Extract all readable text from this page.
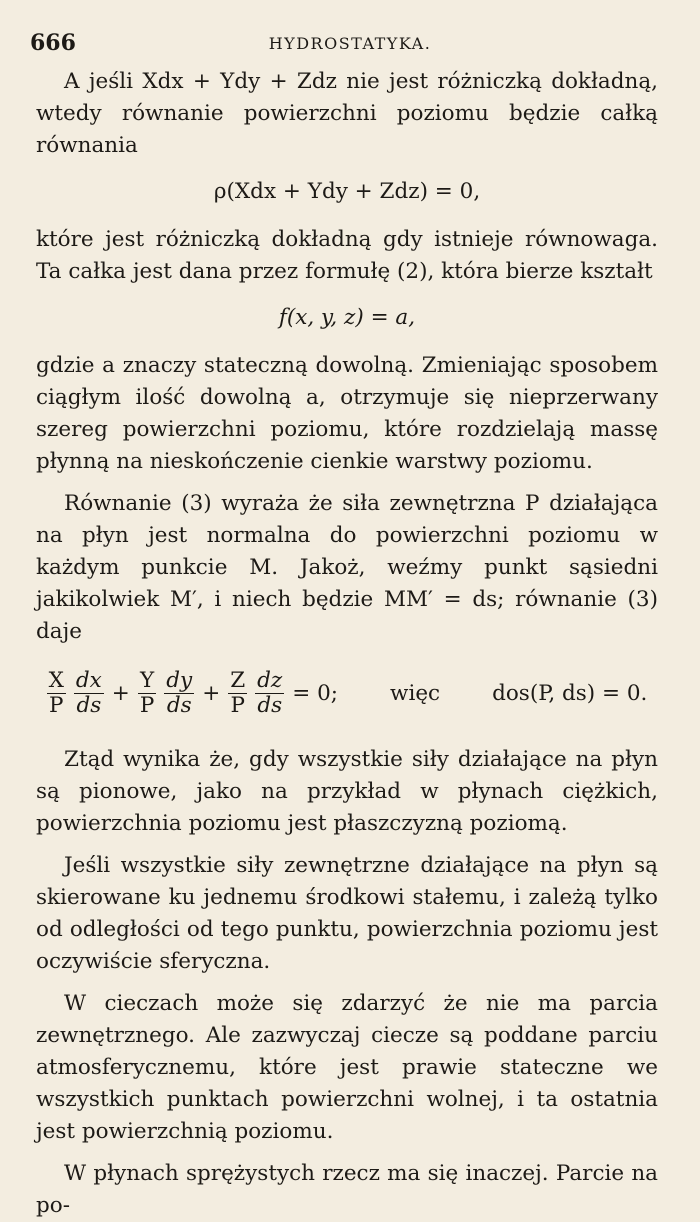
666	HYDROSTATYKA.

A jeśli Xdx + Ydy + Zdz nie jest różniczką dokładną, wtedy równanie powierzchni poziomu będzie całką równania

ρ(Xdx + Ydy + Zdz) = 0,

które jest różniczką dokładną gdy istnieje równowaga. Ta całka jest dana przez formułę (2), która bierze kształt

f(x, y, z) = a,

gdzie a znaczy stateczną dowolną. Zmieniając sposobem ciągłym ilość dowolną a, otrzymuje się nieprzerwany szereg powierzchni poziomu, które rozdzielają massę płynną na nieskończenie cienkie warstwy poziomu.

Równanie (3) wyraża że siła zewnętrzna P działająca na płyn jest normalna do powierzchni poziomu w każdym punkcie M. Jakoż, weźmy punkt sąsiedni jakikolwiek M′, i niech będzie MM′ = ds; równanie (3) daje

$\frac{X}{P} \frac{dx}{ds} + \frac{Y}{P} \frac{dy}{ds} + \frac{Z}{P} \frac{dz}{ds} = 0$; więc dos(P, ds) = 0.

Ztąd wynika że, gdy wszystkie siły działające na płyn są pionowe, jako na przykład w płynach ciężkich, powierzchnia poziomu jest płaszczyzną poziomą.

Jeśli wszystkie siły zewnętrzne działające na płyn są skierowane ku jednemu środkowi stałemu, i zależą tylko od odległości od tego punktu, powierzchnia poziomu jest oczywiście sferyczna.

W cieczach może się zdarzyć że nie ma parcia zewnętrznego. Ale zazwyczaj ciecze są poddane parciu atmosferycznemu, które jest prawie stateczne we wszystkich punktach powierzchni wolnej, i ta ostatnia jest powierzchnią poziomu.

W płynach sprężystych rzecz ma się inaczej. Parcie na po-
